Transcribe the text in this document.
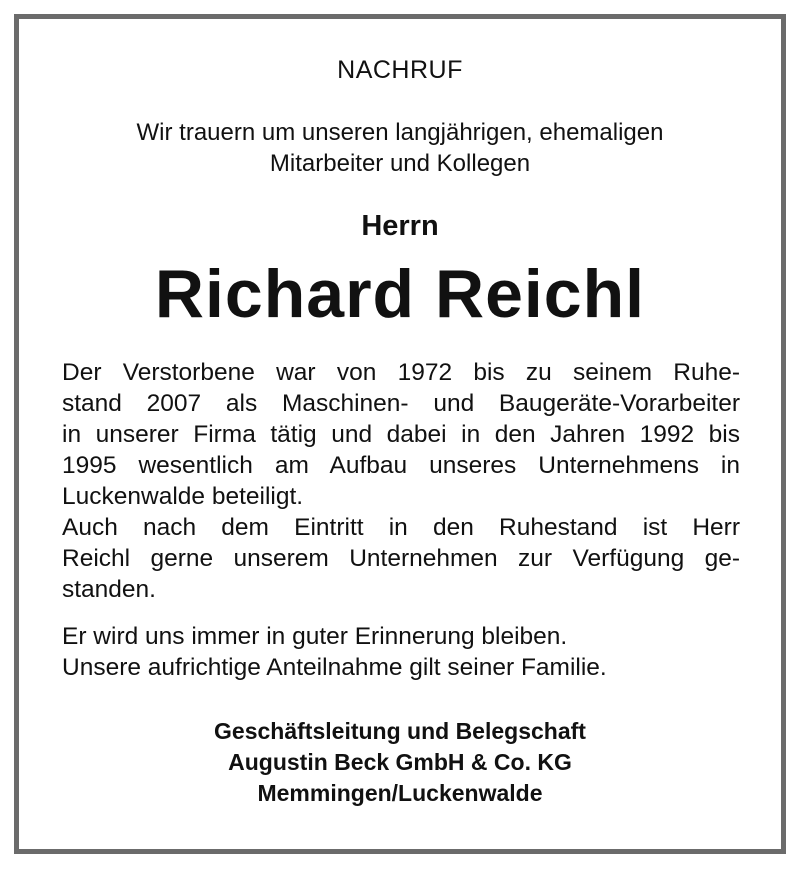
NACHRUF
Wir trauern um unseren langjährigen, ehemaligen
Mitarbeiter und Kollegen
Herrn
Richard Reichl
Der Verstorbene war von 1972 bis zu seinem Ruhe-
stand 2007 als Maschinen- und Baugeräte-Vorarbeiter
in unserer Firma tätig und dabei in den Jahren 1992 bis
1995 wesentlich am Aufbau unseres Unternehmens in
Luckenwalde beteiligt.
Auch nach dem Eintritt in den Ruhestand ist Herr
Reichl gerne unserem Unternehmen zur Verfügung ge-
standen.
Er wird uns immer in guter Erinnerung bleiben.
Unsere aufrichtige Anteilnahme gilt seiner Familie.
Geschäftsleitung und Belegschaft
Augustin Beck GmbH & Co. KG
Memmingen/Luckenwalde
